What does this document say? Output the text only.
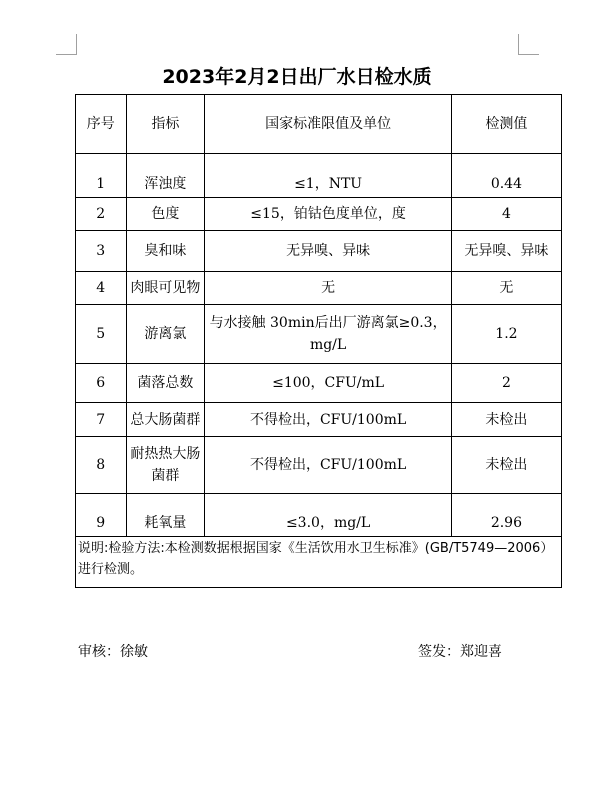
2023年2月2日出厂水日检水质
序号	指标	国家标准限值及单位	检测值
1	浑浊度	≤1，NTU	0.44
2	色度	≤15，铂钴色度单位，度	4
3	臭和味	无异嗅、异味	无异嗅、异味
4	肉眼可见物	无	无
5	游离氯	与水接触 30min后出厂游离氯≥0.3，mg/L	1.2
6	菌落总数	≤100，CFU/mL	2
7	总大肠菌群	不得检出，CFU/100mL	未检出
8	耐热热大肠菌群	不得检出，CFU/100mL	未检出
9	耗氧量	≤3.0，mg/L	2.96
说明:检验方法:本检测数据根据国家《生活饮用水卫生标准》(GB/T5749—2006）进行检测。			
审核：徐敏	签发：郑迎喜
